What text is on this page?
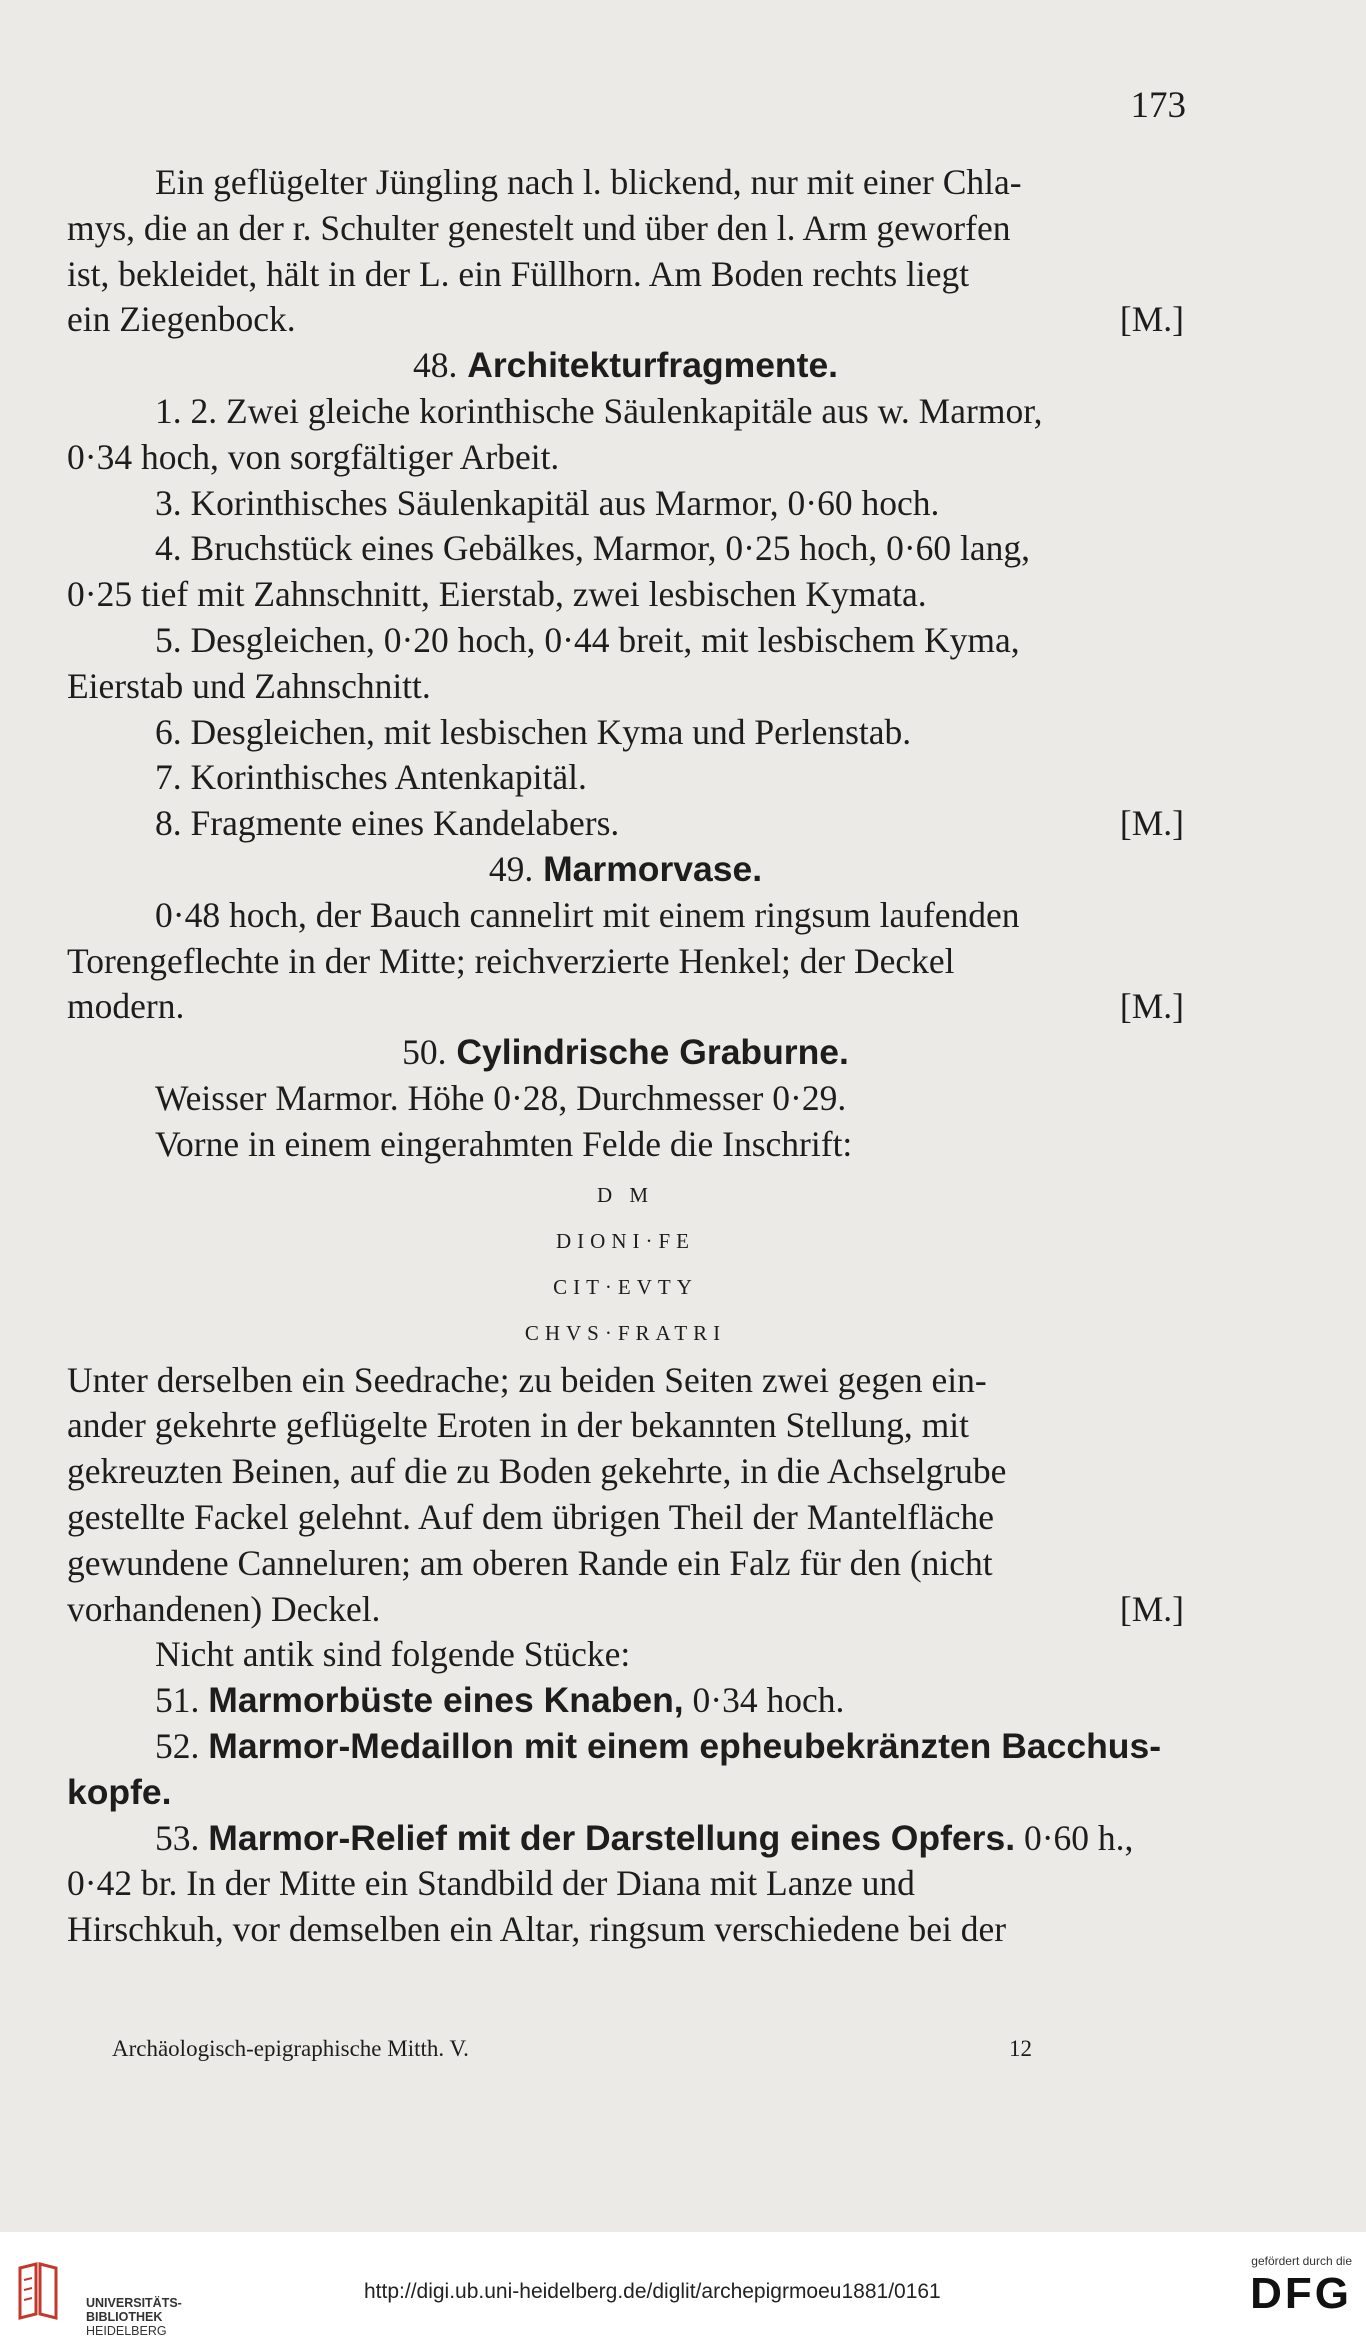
173

Ein geflügelter Jüngling nach l. blickend, nur mit einer Chla-

mys, die an der r. Schulter genestelt und über den l. Arm geworfen

ist, bekleidet, hält in der L. ein Füllhorn. Am Boden rechts liegt

ein Ziegenbock.	[M.]

48. Architekturfragmente.

1. 2. Zwei gleiche korinthische Säulenkapitäle aus w. Marmor,

0·34 hoch, von sorgfältiger Arbeit.

3. Korinthisches Säulenkapitäl aus Marmor, 0·60 hoch.

4. Bruchstück eines Gebälkes, Marmor, 0·25 hoch, 0·60 lang,

0·25 tief mit Zahnschnitt, Eierstab, zwei lesbischen Kymata.

5. Desgleichen, 0·20 hoch, 0·44 breit, mit lesbischem Kyma,

Eierstab und Zahnschnitt.

6. Desgleichen, mit lesbischen Kyma und Perlenstab.

7. Korinthisches Antenkapitäl.

8. Fragmente eines Kandelabers.	[M.]

49. Marmorvase.

0·48 hoch, der Bauch cannelirt mit einem ringsum laufenden

Torengeflechte in der Mitte; reichverzierte Henkel; der Deckel

modern.	[M.]

50. Cylindrische Graburne.

Weisser Marmor. Höhe 0·28, Durchmesser 0·29.

Vorne in einem eingerahmten Felde die Inschrift:

D M
DIONI·FE
CIT·EVTY
CHVS·FRATRI

Unter derselben ein Seedrache; zu beiden Seiten zwei gegen ein-

ander gekehrte geflügelte Eroten in der bekannten Stellung, mit

gekreuzten Beinen, auf die zu Boden gekehrte, in die Achselgrube

gestellte Fackel gelehnt. Auf dem übrigen Theil der Mantelfläche

gewundene Canneluren; am oberen Rande ein Falz für den (nicht

vorhandenen) Deckel.	[M.]

Nicht antik sind folgende Stücke:

51. Marmorbüste eines Knaben, 0·34 hoch.

52. Marmor-Medaillon mit einem epheubekränzten Bacchus-

kopfe.

53. Marmor-Relief mit der Darstellung eines Opfers. 0·60 h.,

0·42 br. In der Mitte ein Standbild der Diana mit Lanze und

Hirschkuh, vor demselben ein Altar, ringsum verschiedene bei der

Archäologisch-epigraphische Mitth. V.	12
UNIVERSITÄTS-
BIBLIOTHEK
HEIDELBERG
http://digi.ub.uni-heidelberg.de/diglit/archepigrmoeu1881/0161
gefördert durch die
DFG
